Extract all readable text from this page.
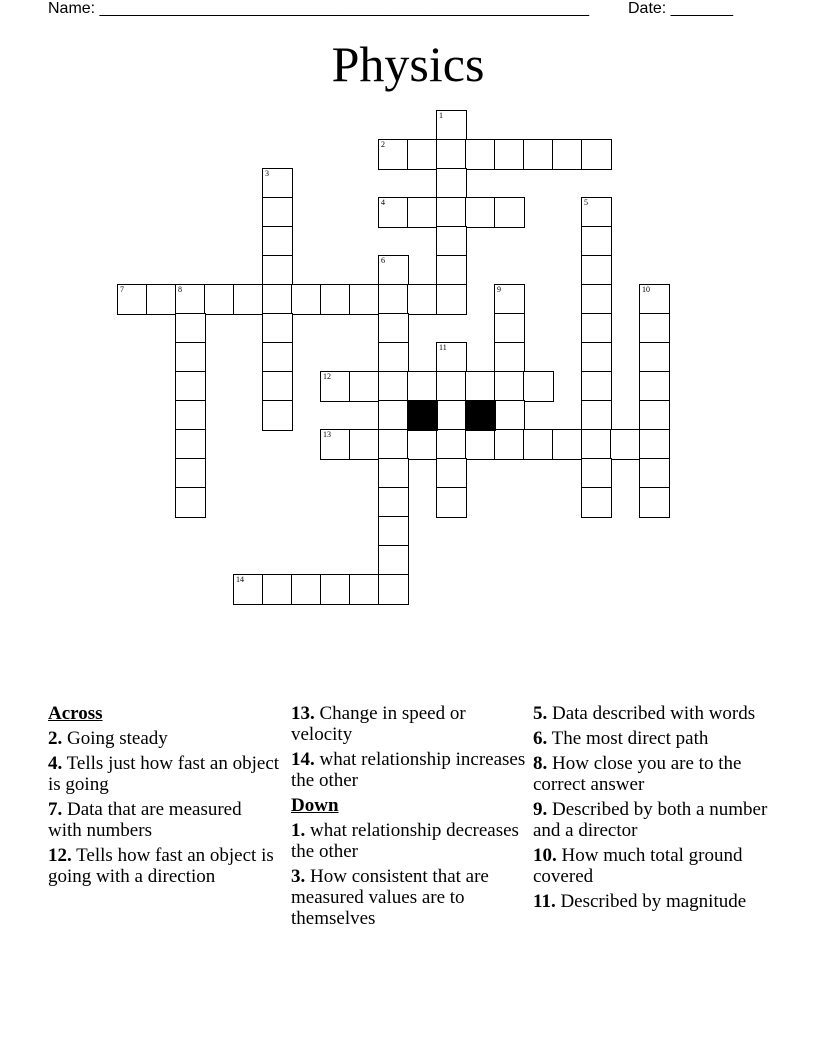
Name: _______________________________________________________ Date: _______
Physics
1
2
3
4	5
6
7	8	9	10
11
12
13
14
Across
2. Going steady
4. Tells just how fast an object is going
7. Data that are measured with numbers
12. Tells how fast an object is going with a direction
13. Change in speed or velocity
14. what relationship increases the other
Down
1. what relationship decreases the other
3. How consistent that are measured values are to themselves
5. Data described with words
6. The most direct path
8. How close you are to the correct answer
9. Described by both a number and a director
10. How much total ground covered
11. Described by magnitude
